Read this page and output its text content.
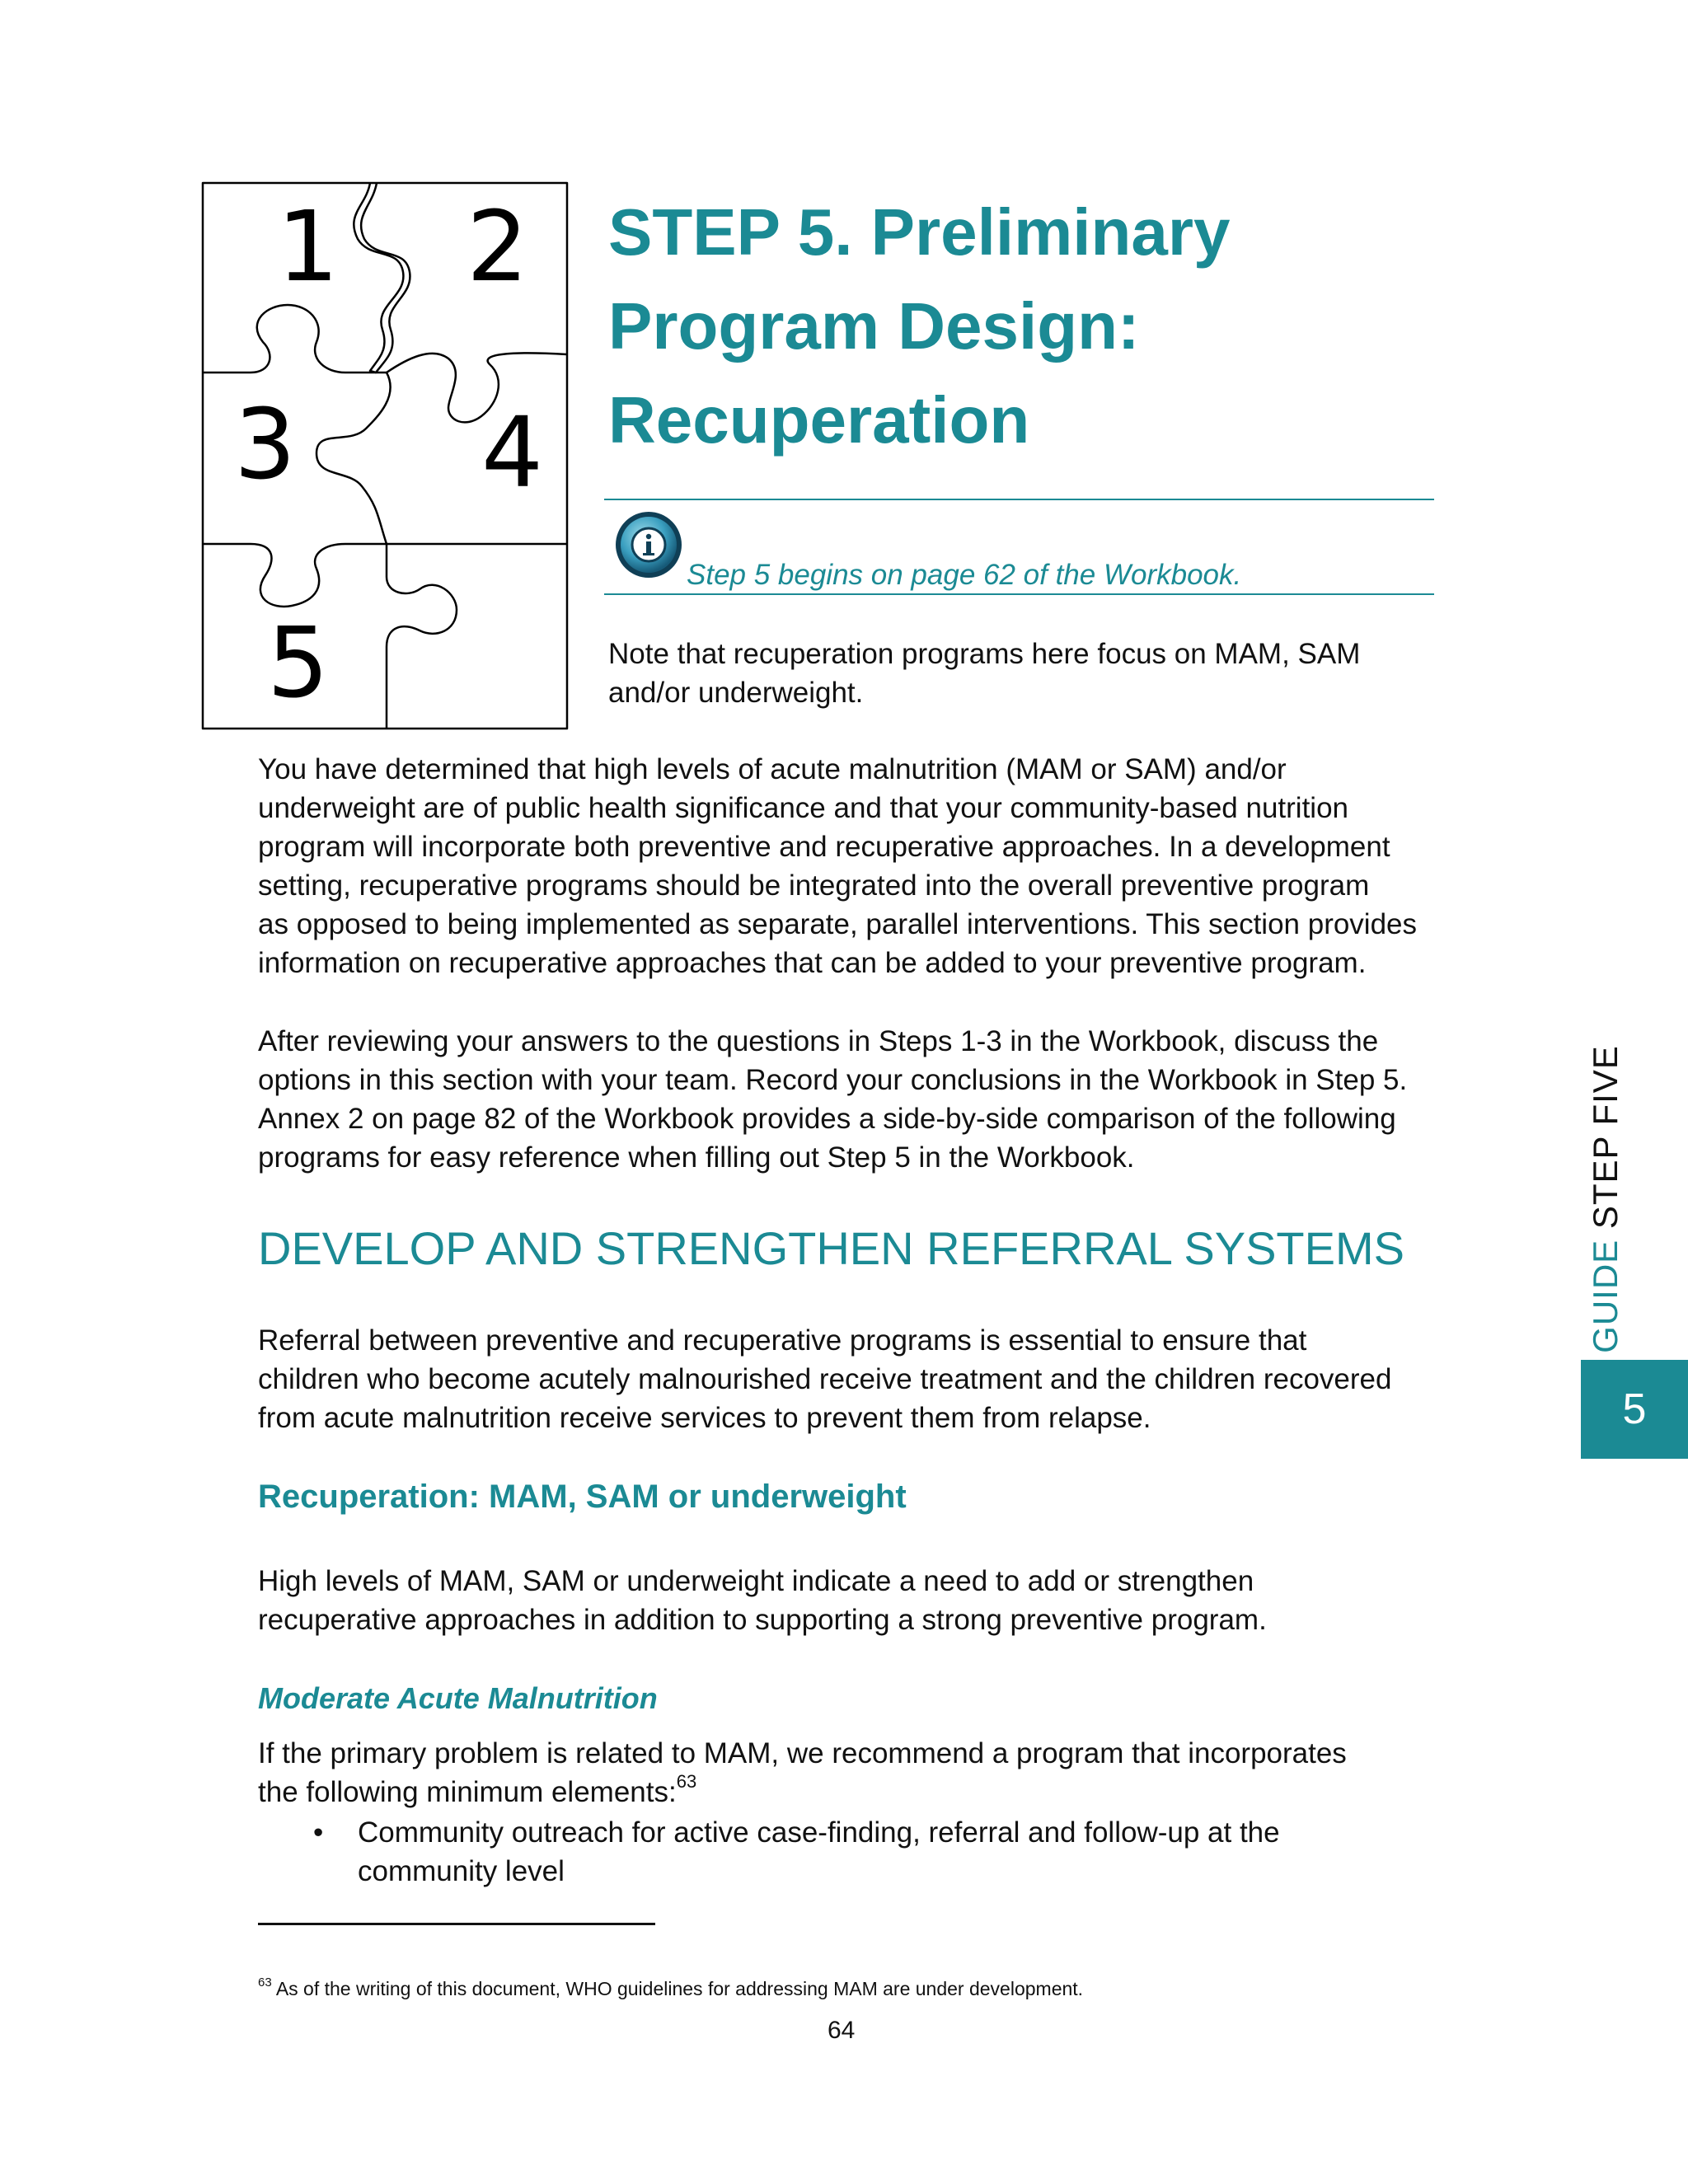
1 2
3 4
5
STEP 5. Preliminary
Program Design:
Recuperation
Step 5 begins on page 62 of the Workbook.

Note that recuperation programs here focus on MAM, SAM

and/or underweight.

You have determined that high levels of acute malnutrition (MAM or SAM) and/or

underweight are of public health significance and that your community-based nutrition

program will incorporate both preventive and recuperative approaches. In a development

setting, recuperative programs should be integrated into the overall preventive program

as opposed to being implemented as separate, parallel interventions. This section provides

information on recuperative approaches that can be added to your preventive program.

After reviewing your answers to the questions in Steps 1-3 in the Workbook, discuss the

options in this section with your team. Record your conclusions in the Workbook in Step 5.

Annex 2 on page 82 of the Workbook provides a side-by-side comparison of the following

programs for easy reference when filling out Step 5 in the Workbook.

DEVELOP AND STRENGTHEN REFERRAL SYSTEMS

Referral between preventive and recuperative programs is essential to ensure that

children who become acutely malnourished receive treatment and the children recovered

from acute malnutrition receive services to prevent them from relapse.

Recuperation: MAM, SAM or underweight

High levels of MAM, SAM or underweight indicate a need to add or strengthen

recuperative approaches in addition to supporting a strong preventive program.

Moderate Acute Malnutrition

If the primary problem is related to MAM, we recommend a program that incorporates

the following minimum elements:$^{63}$

• Community outreach for active case-finding, referral and follow-up at the

community level

$^{63}$ As of the writing of this document, WHO guidelines for addressing MAM are under development.
64
GUIDE STEP FIVE
5
